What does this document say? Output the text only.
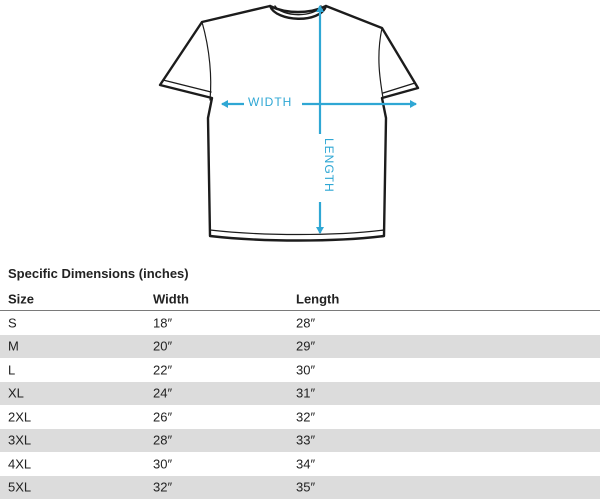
WIDTH
LENGTH
Specific Dimensions (inches)
Size	Width	Length
S	18″	28″
M	20″	29″
L	22″	30″
XL	24″	31″
2XL	26″	32″
3XL	28″	33″
4XL	30″	34″
5XL	32″	35″
